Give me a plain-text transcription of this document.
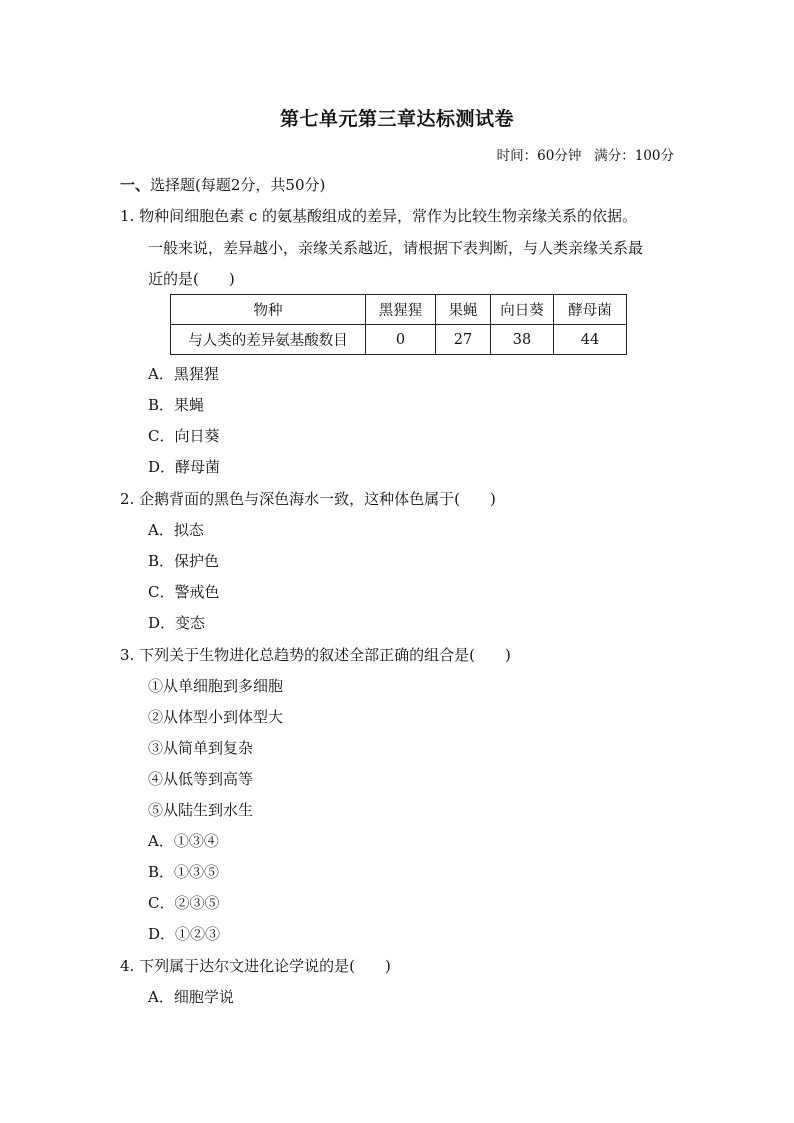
第七单元第三章达标测试卷
时间：60分钟 满分：100分
一、选择题(每题2分，共50分)
1. 物种间细胞色素 c 的氨基酸组成的差异，常作为比较生物亲缘关系的依据。
一般来说，差异越小，亲缘关系越近，请根据下表判断，与人类亲缘关系最
近的是(　　)
物种	黑猩猩	果蝇	向日葵	酵母菌
与人类的差异氨基酸数目	0	27	38	44
A．黑猩猩
B．果蝇
C．向日葵
D．酵母菌
2. 企鹅背面的黑色与深色海水一致，这种体色属于(　　)
A．拟态
B．保护色
C．警戒色
D．变态
3. 下列关于生物进化总趋势的叙述全部正确的组合是(　　)
①从单细胞到多细胞
②从体型小到体型大
③从简单到复杂
④从低等到高等
⑤从陆生到水生
A．①③④
B．①③⑤
C．②③⑤
D．①②③
4. 下列属于达尔文进化论学说的是(　　)
A．细胞学说
